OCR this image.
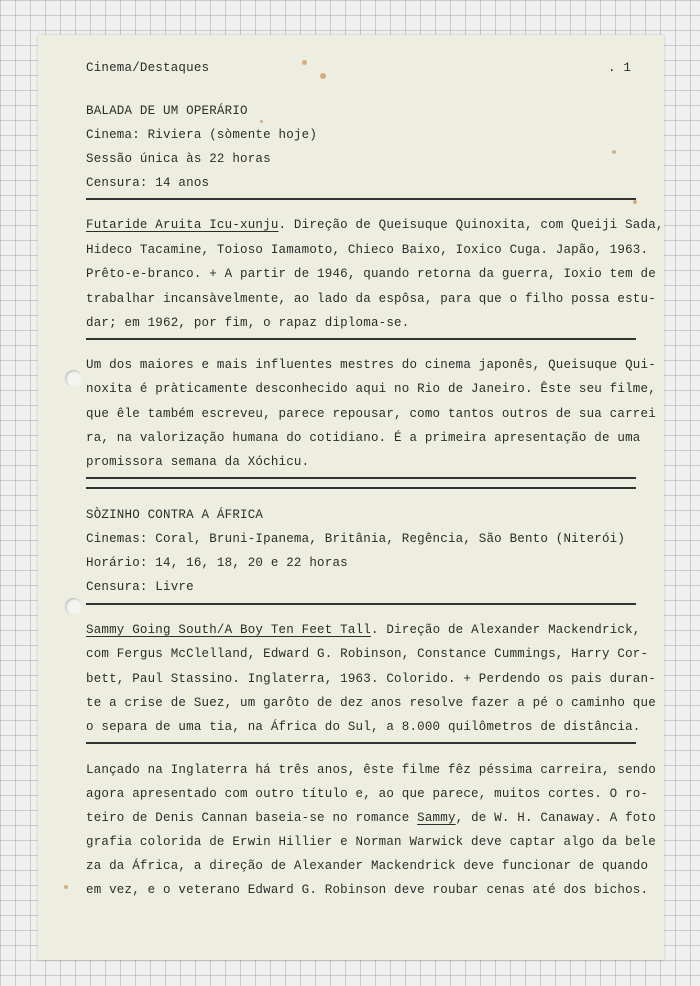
Cinema/Destaques	. 1
BALADA DE UM OPERÁRIO
Cinema: Riviera (sòmente hoje)
Sessão única às 22 horas
Censura: 14 anos
Futaride Aruita Icu-xunju. Direção de Queisuque Quinoxita, com Queiji Sada,
Hideco Tacamine, Toioso Iamamoto, Chieco Baixo, Ioxico Cuga. Japão, 1963.
Prêto-e-branco. + A partir de 1946, quando retorna da guerra, Ioxio tem de
trabalhar incansàvelmente, ao lado da espôsa, para que o filho possa estu-
dar; em 1962, por fim, o rapaz diploma-se.
Um dos maiores e mais influentes mestres do cinema japonês, Queisuque Qui-
noxita é pràticamente desconhecido aqui no Rio de Janeiro. Êste seu filme,
que êle também escreveu, parece repousar, como tantos outros de sua carrei
ra, na valorização humana do cotidiano. É a primeira apresentação de uma
promissora semana da Xóchicu.
SÒZINHO CONTRA A ÁFRICA
Cinemas: Coral, Bruni-Ipanema, Britânia, Regência, São Bento (Niterói)
Horário: 14, 16, 18, 20 e 22 horas
Censura: Livre
Sammy Going South/A Boy Ten Feet Tall. Direção de Alexander Mackendrick,
com Fergus McClelland, Edward G. Robinson, Constance Cummings, Harry Cor-
bett, Paul Stassino. Inglaterra, 1963. Colorido. + Perdendo os pais duran-
te a crise de Suez, um garôto de dez anos resolve fazer a pé o caminho que
o separa de uma tia, na África do Sul, a 8.000 quilômetros de distância.
Lançado na Inglaterra há três anos, êste filme fêz péssima carreira, sendo
agora apresentado com outro título e, ao que parece, muitos cortes. O ro-
teiro de Denis Cannan baseia-se no romance Sammy, de W. H. Canaway. A foto
grafia colorida de Erwin Hillier e Norman Warwick deve captar algo da bele
za da África, a direção de Alexander Mackendrick deve funcionar de quando
em vez, e o veterano Edward G. Robinson deve roubar cenas até dos bichos.
